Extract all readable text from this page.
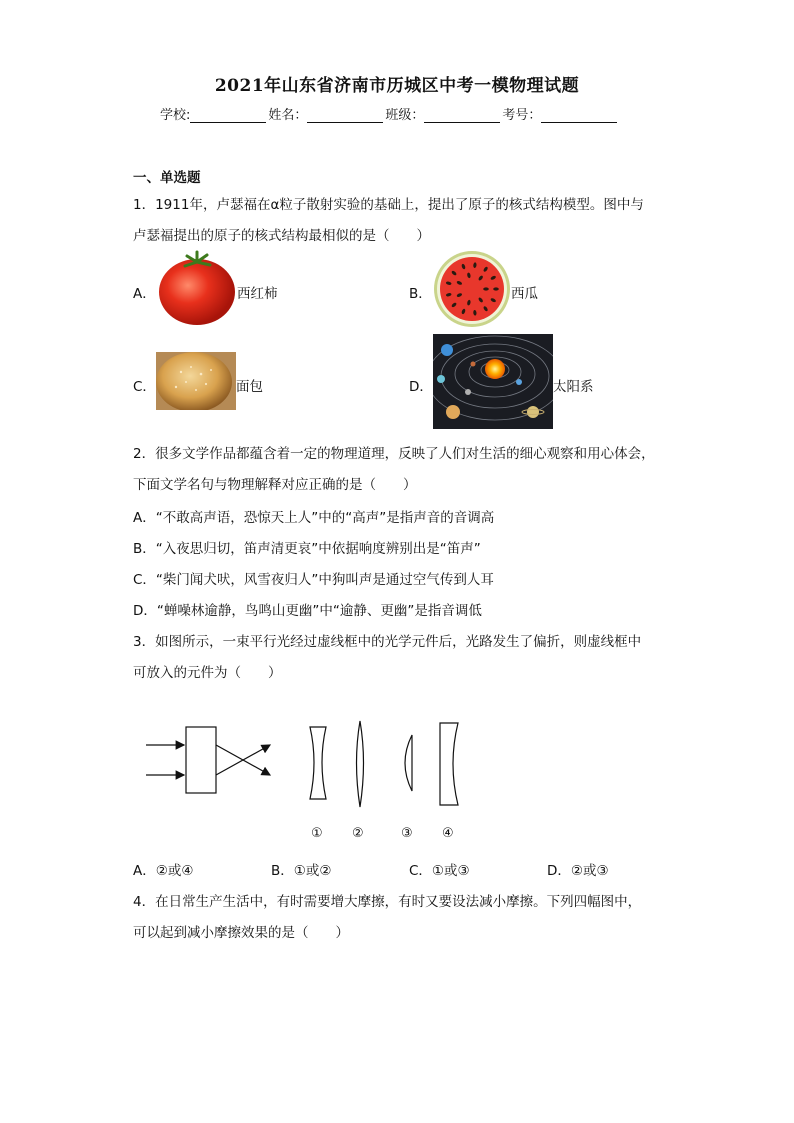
2021年山东省济南市历城区中考一模物理试题
学校:	姓名：	班级：	考号：
一、单选题
1．1911年，卢瑟福在α粒子散射实验的基础上，提出了原子的核式结构模型。图中与
卢瑟福提出的原子的核式结构最相似的是（　　）
A．	西红柿	B．	西瓜
C．	面包	D．	太阳系
2．很多文学作品都蕴含着一定的物理道理，反映了人们对生活的细心观察和用心体会，
下面文学名句与物理解释对应正确的是（　　）
A．“不敢高声语，恐惊天上人”中的“高声”是指声音的音调高
B．“入夜思归切，笛声清更哀”中依据响度辨别出是“笛声”
C．“柴门闻犬吠，风雪夜归人”中狗叫声是通过空气传到人耳
D．“蝉噪林逾静，鸟鸣山更幽”中“逾静、更幽”是指音调低
3．如图所示，一束平行光经过虚线框中的光学元件后，光路发生了偏折，则虚线框中
可放入的元件为（　　）
① ②	③ ④
A．②或④	B．①或②	C．①或③	D．②或③
4．在日常生产生活中，有时需要增大摩擦，有时又要设法减小摩擦。下列四幅图中，
可以起到减小摩擦效果的是（　　）
